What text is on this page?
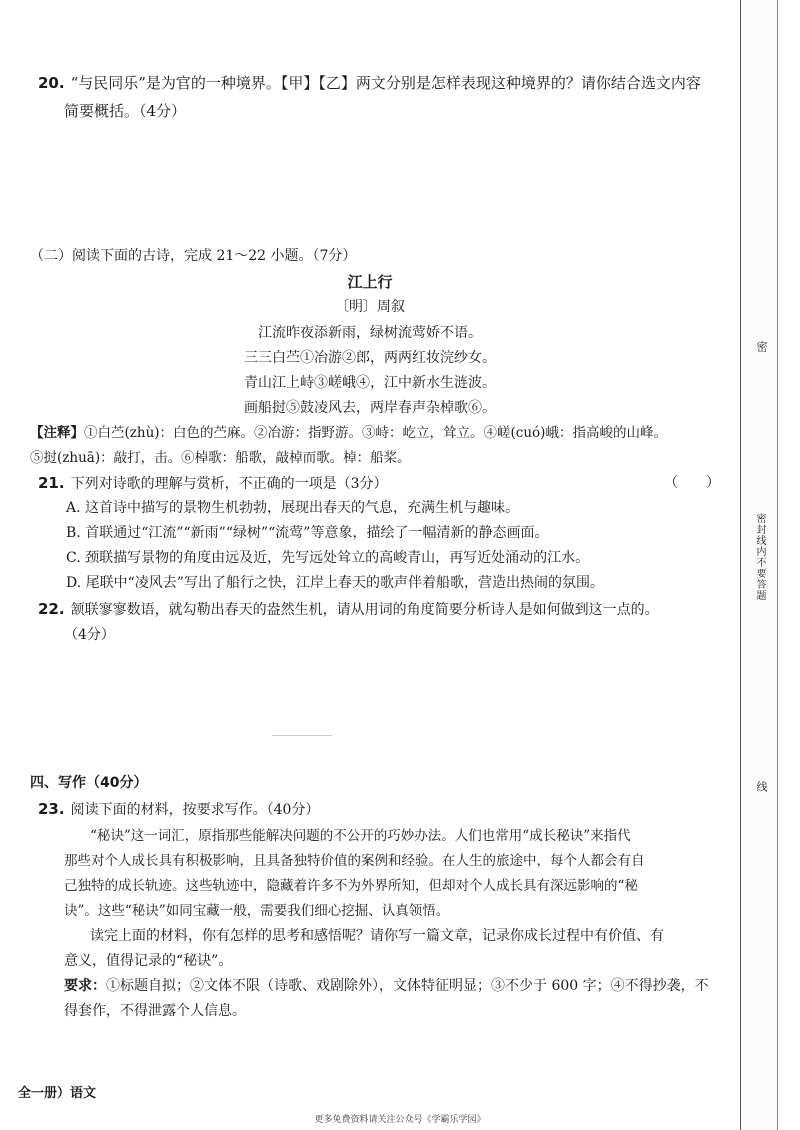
20. “与民同乐”是为官的一种境界。【甲】【乙】两文分别是怎样表现这种境界的？请你结合选文内容
简要概括。（4分）
（二）阅读下面的古诗，完成 21～22 小题。（7分）
江上行
〔明〕周叙
江流昨夜添新雨，绿树流莺娇不语。
三三白苎①冶游②郎，两两红妆浣纱女。
青山江上峙③嵯峨④，江中新水生涟波。
画船挝⑤鼓凌风去，两岸春声杂棹歌⑥。
【注释】①白苎(zhù)：白色的苎麻。②冶游：指野游。③峙：屹立，耸立。④嵯(cuó)峨：指高峻的山峰。
⑤挝(zhuā)：敲打，击。⑥棹歌：船歌，敲棹而歌。棹：船桨。
21. 下列对诗歌的理解与赏析，不正确的一项是（3分）	（　　）
A. 这首诗中描写的景物生机勃勃，展现出春天的气息，充满生机与趣味。
B. 首联通过“江流”“新雨”“绿树”“流莺”等意象，描绘了一幅清新的静态画面。
C. 颈联描写景物的角度由远及近，先写远处耸立的高峻青山，再写近处涌动的江水。
D. 尾联中“凌风去”写出了船行之快，江岸上春天的歌声伴着船歌，营造出热闹的氛围。
22. 颔联寥寥数语，就勾勒出春天的盎然生机，请从用词的角度简要分析诗人是如何做到这一点的。
（4分）
四、写作（40分）
23. 阅读下面的材料，按要求写作。（40分）
“秘诀”这一词汇，原指那些能解决问题的不公开的巧妙办法。人们也常用“成长秘诀”来指代
那些对个人成长具有积极影响，且具备独特价值的案例和经验。在人生的旅途中，每个人都会有自
己独特的成长轨迹。这些轨迹中，隐藏着许多不为外界所知，但却对个人成长具有深远影响的“秘
诀”。这些“秘诀”如同宝藏一般，需要我们细心挖掘、认真领悟。
读完上面的材料，你有怎样的思考和感悟呢？请你写一篇文章，记录你成长过程中有价值、有
意义，值得记录的“秘诀”。
要求：①标题自拟；②文体不限（诗歌、戏剧除外），文体特征明显；③不少于 600 字；④不得抄袭，不
得套作，不得泄露个人信息。
全一册）语文
更多免费资料请关注公众号《学霸乐学园》
密
密封线内不要答题
线
